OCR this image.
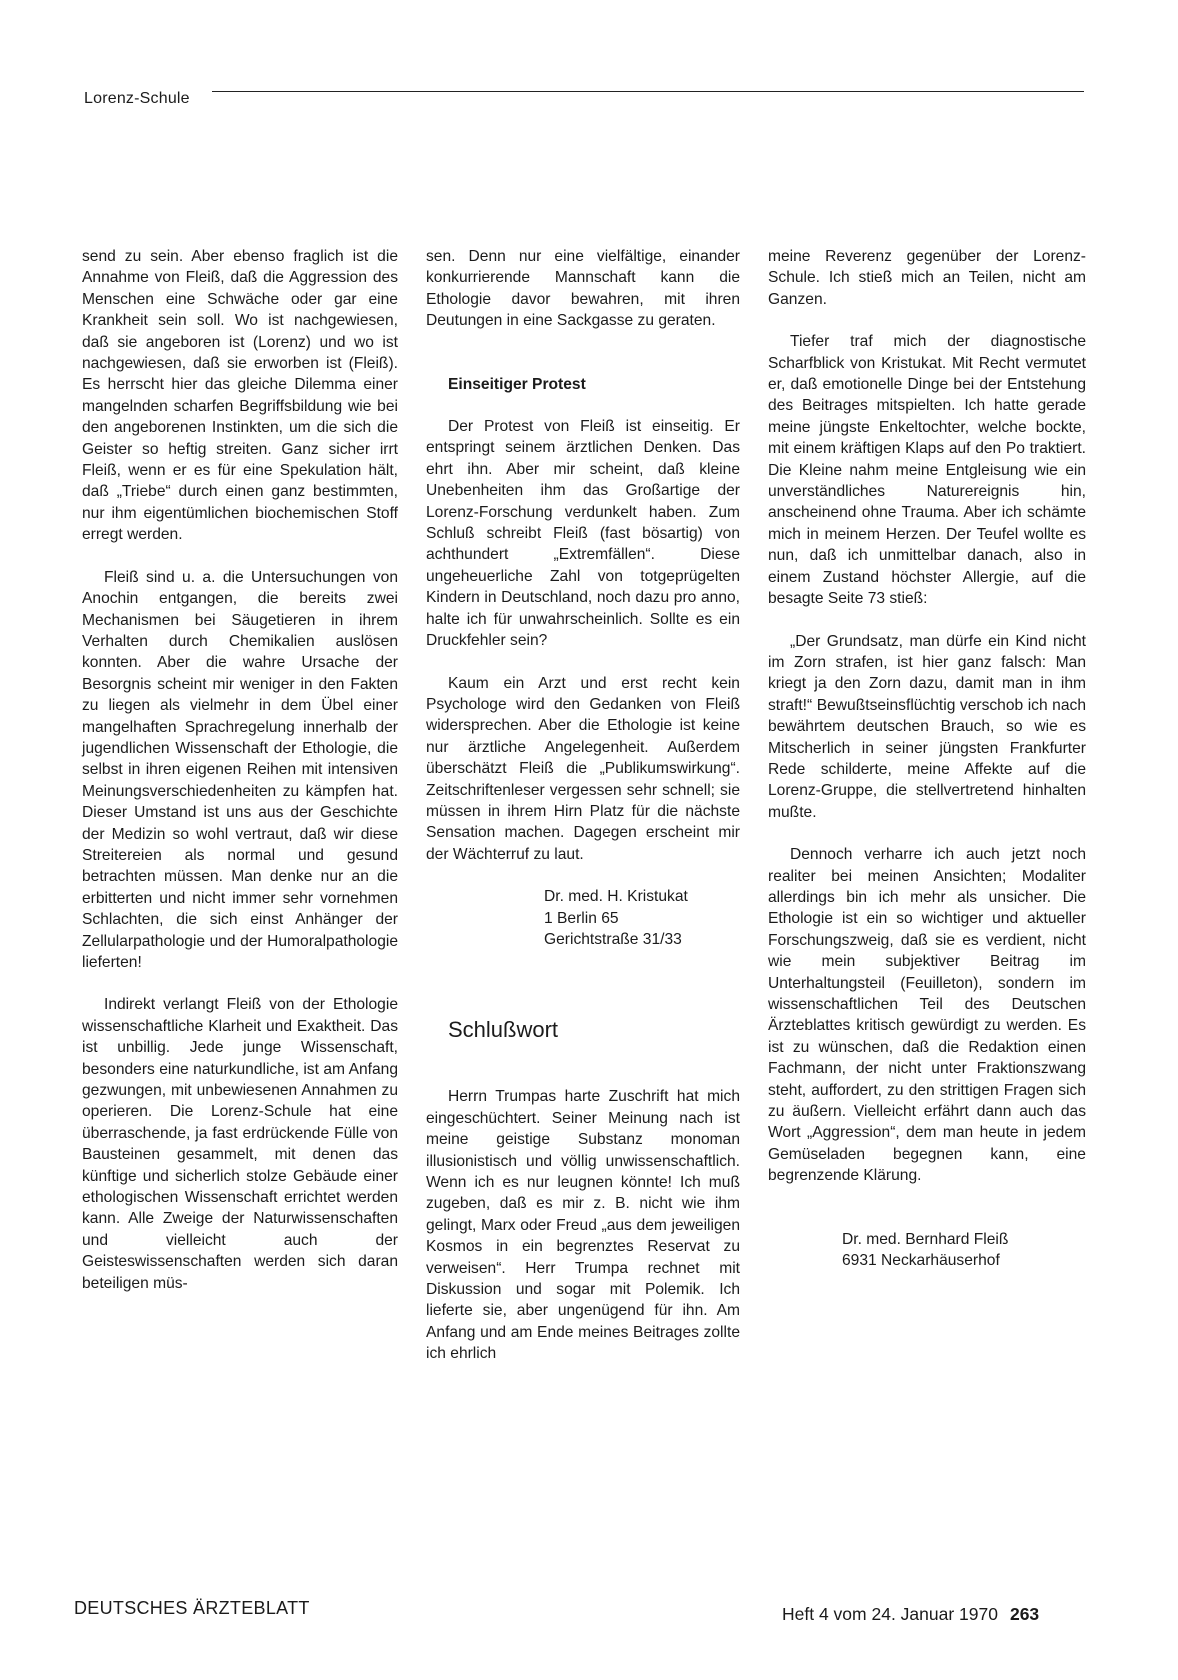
Lorenz-Schule

send zu sein. Aber ebenso fraglich ist die Annahme von Fleiß, daß die Aggression des Menschen eine Schwäche oder gar eine Krankheit sein soll. Wo ist nachgewiesen, daß sie angeboren ist (Lorenz) und wo ist nachgewiesen, daß sie erworben ist (Fleiß). Es herrscht hier das gleiche Dilemma einer mangelnden scharfen Begriffsbildung wie bei den angeborenen Instinkten, um die sich die Geister so heftig streiten. Ganz sicher irrt Fleiß, wenn er es für eine Spekulation hält, daß „Triebe“ durch einen ganz bestimmten, nur ihm eigentümlichen biochemischen Stoff erregt werden.

Fleiß sind u. a. die Untersuchungen von Anochin entgangen, die bereits zwei Mechanismen bei Säugetieren in ihrem Verhalten durch Chemikalien auslösen konnten. Aber die wahre Ursache der Besorgnis scheint mir weniger in den Fakten zu liegen als vielmehr in dem Übel einer mangelhaften Sprachregelung innerhalb der jugendlichen Wissenschaft der Ethologie, die selbst in ihren eigenen Reihen mit intensiven Meinungsverschiedenheiten zu kämpfen hat. Dieser Umstand ist uns aus der Geschichte der Medizin so wohl vertraut, daß wir diese Streitereien als normal und gesund betrachten müssen. Man denke nur an die erbitterten und nicht immer sehr vornehmen Schlachten, die sich einst Anhänger der Zellularpathologie und der Humoralpathologie lieferten!

Indirekt verlangt Fleiß von der Ethologie wissenschaftliche Klarheit und Exaktheit. Das ist unbillig. Jede junge Wissenschaft, besonders eine naturkundliche, ist am Anfang gezwungen, mit unbewiesenen Annahmen zu operieren. Die Lorenz-Schule hat eine überraschende, ja fast erdrückende Fülle von Bausteinen gesammelt, mit denen das künftige und sicherlich stolze Gebäude einer ethologischen Wissenschaft errichtet werden kann. Alle Zweige der Naturwissenschaften und vielleicht auch der Geisteswissenschaften werden sich daran beteiligen müs-

sen. Denn nur eine vielfältige, einander konkurrierende Mannschaft kann die Ethologie davor bewahren, mit ihren Deutungen in eine Sackgasse zu geraten.

Einseitiger Protest

Der Protest von Fleiß ist einseitig. Er entspringt seinem ärztlichen Denken. Das ehrt ihn. Aber mir scheint, daß kleine Unebenheiten ihm das Großartige der Lorenz-Forschung verdunkelt haben. Zum Schluß schreibt Fleiß (fast bösartig) von achthundert „Extremfällen“. Diese ungeheuerliche Zahl von totgeprügelten Kindern in Deutschland, noch dazu pro anno, halte ich für unwahrscheinlich. Sollte es ein Druckfehler sein?

Kaum ein Arzt und erst recht kein Psychologe wird den Gedanken von Fleiß widersprechen. Aber die Ethologie ist keine nur ärztliche Angelegenheit. Außerdem überschätzt Fleiß die „Publikumswirkung“. Zeitschriftenleser vergessen sehr schnell; sie müssen in ihrem Hirn Platz für die nächste Sensation machen. Dagegen erscheint mir der Wächterruf zu laut.

Dr. med. H. Kristukat

1 Berlin 65

Gerichtstraße 31/33

Schlußwort

Herrn Trumpas harte Zuschrift hat mich eingeschüchtert. Seiner Meinung nach ist meine geistige Substanz monoman illusionistisch und völlig unwissenschaftlich. Wenn ich es nur leugnen könnte! Ich muß zugeben, daß es mir z. B. nicht wie ihm gelingt, Marx oder Freud „aus dem jeweiligen Kosmos in ein begrenztes Reservat zu verweisen“. Herr Trumpa rechnet mit Diskussion und sogar mit Polemik. Ich lieferte sie, aber ungenügend für ihn. Am Anfang und am Ende meines Beitrages zollte ich ehrlich

meine Reverenz gegenüber der Lorenz-Schule. Ich stieß mich an Teilen, nicht am Ganzen.

Tiefer traf mich der diagnostische Scharfblick von Kristukat. Mit Recht vermutet er, daß emotionelle Dinge bei der Entstehung des Beitrages mitspielten. Ich hatte gerade meine jüngste Enkeltochter, welche bockte, mit einem kräftigen Klaps auf den Po traktiert. Die Kleine nahm meine Entgleisung wie ein unverständliches Naturereignis hin, anscheinend ohne Trauma. Aber ich schämte mich in meinem Herzen. Der Teufel wollte es nun, daß ich unmittelbar danach, also in einem Zustand höchster Allergie, auf die besagte Seite 73 stieß:

„Der Grundsatz, man dürfe ein Kind nicht im Zorn strafen, ist hier ganz falsch: Man kriegt ja den Zorn dazu, damit man in ihm straft!“ Bewußtseinsflüchtig verschob ich nach bewährtem deutschen Brauch, so wie es Mitscherlich in seiner jüngsten Frankfurter Rede schilderte, meine Affekte auf die Lorenz-Gruppe, die stellvertretend hinhalten mußte.

Dennoch verharre ich auch jetzt noch realiter bei meinen Ansichten; Modaliter allerdings bin ich mehr als unsicher. Die Ethologie ist ein so wichtiger und aktueller Forschungszweig, daß sie es verdient, nicht wie mein subjektiver Beitrag im Unterhaltungsteil (Feuilleton), sondern im wissenschaftlichen Teil des Deutschen Ärzteblattes kritisch gewürdigt zu werden. Es ist zu wünschen, daß die Redaktion einen Fachmann, der nicht unter Fraktionszwang steht, auffordert, zu den strittigen Fragen sich zu äußern. Vielleicht erfährt dann auch das Wort „Aggression“, dem man heute in jedem Gemüseladen begegnen kann, eine begrenzende Klärung.

Dr. med. Bernhard Fleiß

6931 Neckarhäuserhof

DEUTSCHES ÄRZTEBLATT	Heft 4 vom 24. Januar 1970 263
